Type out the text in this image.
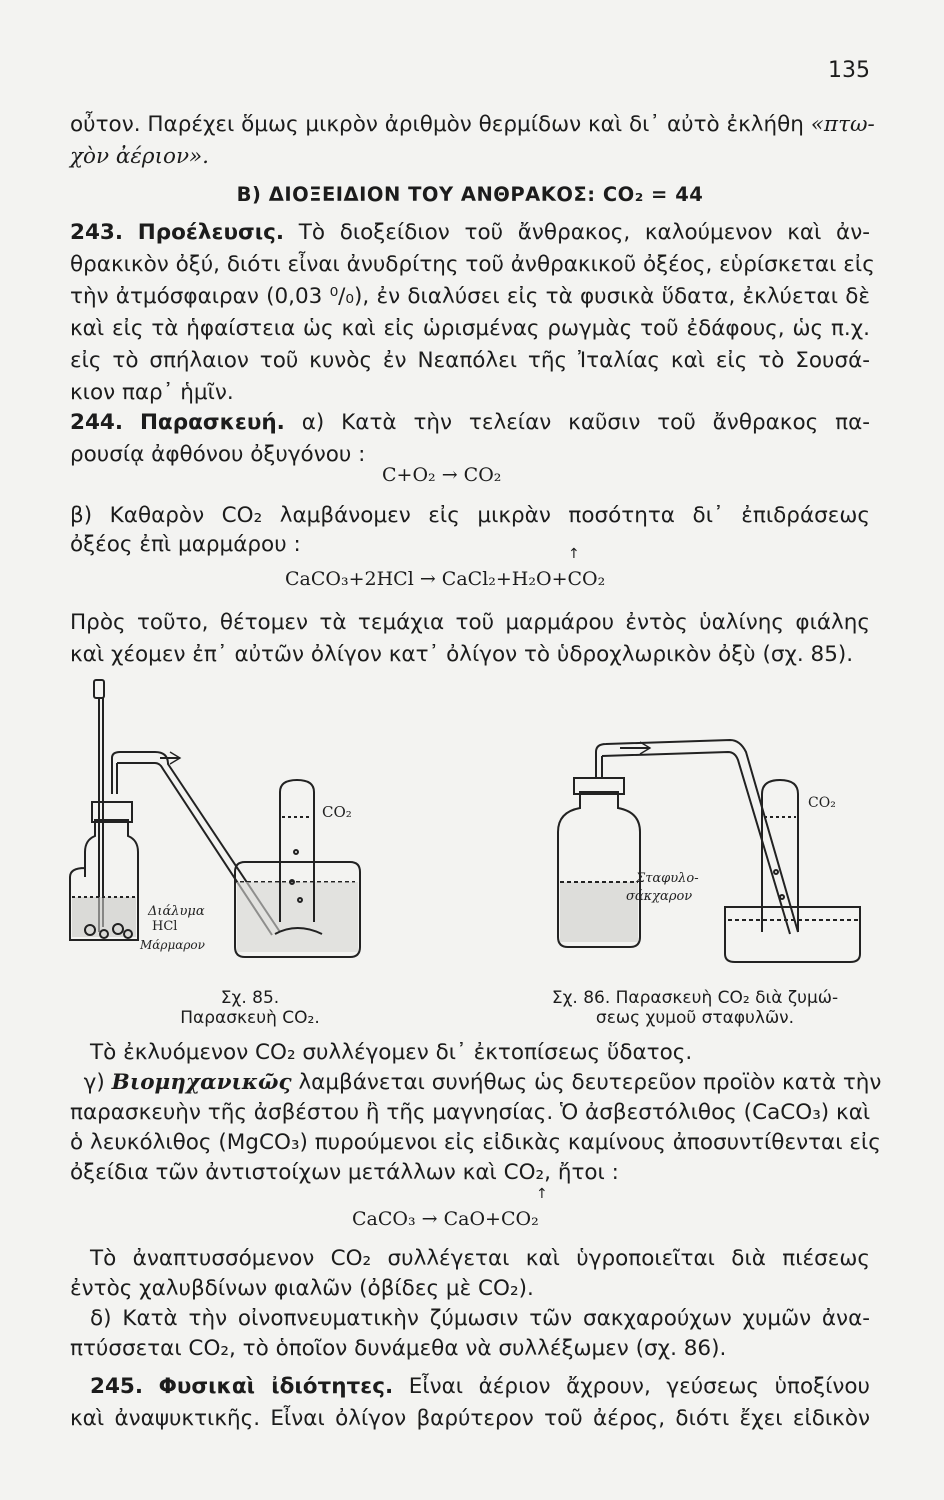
135
οὖτον. Παρέχει ὅμως μικρὸν ἀριθμὸν θερμίδων καὶ δι᾽ αὐτὸ ἐκλήθη «πτω-
χὸν ἀέριον».
Β) ΔΙΟΞΕΙΔΙΟΝ ΤΟΥ ΑΝΘΡΑΚΟΣ: CO₂ = 44
243. Προέλευσις. Τὸ διοξείδιον τοῦ ἄνθρακος, καλούμενον καὶ ἀν-
θρακικὸν ὀξύ, διότι εἶναι ἀνυδρίτης τοῦ ἀνθρακικοῦ ὀξέος, εὑρίσκεται εἰς
τὴν ἀτμόσφαιραν (0,03 ⁰/₀), ἐν διαλύσει εἰς τὰ φυσικὰ ὕδατα, ἐκλύεται δὲ
καὶ εἰς τὰ ἡφαίστεια ὡς καὶ εἰς ὡρισμένας ρωγμὰς τοῦ ἐδάφους, ὡς π.χ.
εἰς τὸ σπήλαιον τοῦ κυνὸς ἐν Νεαπόλει τῆς Ἰταλίας καὶ εἰς τὸ Σουσά-
κιον παρ᾽ ἡμῖν.
244. Παρασκευή. α) Κατὰ τὴν τελείαν καῦσιν τοῦ ἄνθρακος πα-
ρουσίᾳ ἀφθόνου ὀξυγόνου :
C+O₂ → CO₂
β) Καθαρὸν CO₂ λαμβάνομεν εἰς μικρὰν ποσότητα δι᾽ ἐπιδράσεως
ὀξέος ἐπὶ μαρμάρου :	↑
CaCO₃+2HCl → CaCl₂+H₂O+CO₂
Πρὸς τοῦτο, θέτομεν τὰ τεμάχια τοῦ μαρμάρου ἐντὸς ὑαλίνης φιάλης
καὶ χέομεν ἐπ᾽ αὐτῶν ὀλίγον κατ᾽ ὀλίγον τὸ ὑδροχλωρικὸν ὀξὺ (σχ. 85).
CO₂
Διάλυμα
HCl
Μάρμαρον
CO₂
Σταφυλο-
σάκχαρον
Σχ. 85.
Παρασκευὴ CO₂.
Σχ. 86. Παρασκευὴ CO₂ διὰ ζυμώ-
σεως χυμοῦ σταφυλῶν.
Τὸ ἐκλυόμενον CO₂ συλλέγομεν δι᾽ ἐκτοπίσεως ὕδατος.
γ) Βιομηχανικῶς λαμβάνεται συνήθως ὡς δευτερεῦον προϊὸν κατὰ τὴν
παρασκευὴν τῆς ἀσβέστου ἢ τῆς μαγνησίας. Ὁ ἀσβεστόλιθος (CaCO₃) καὶ
ὁ λευκόλιθος (MgCO₃) πυρούμενοι εἰς εἰδικὰς καμίνους ἀποσυντίθενται εἰς
ὀξείδια τῶν ἀντιστοίχων μετάλλων καὶ CO₂, ἤτοι :
↑
CaCO₃ → CaO+CO₂
Τὸ ἀναπτυσσόμενον CO₂ συλλέγεται καὶ ὑγροποιεῖται διὰ πιέσεως
ἐντὸς χαλυβδίνων φιαλῶν (ὀβίδες μὲ CO₂).
δ) Κατὰ τὴν οἰνοπνευματικὴν ζύμωσιν τῶν σακχαρούχων χυμῶν ἀνα-
πτύσσεται CO₂, τὸ ὁποῖον δυνάμεθα νὰ συλλέξωμεν (σχ. 86).
245. Φυσικαὶ ἰδιότητες. Εἶναι ἀέριον ἄχρουν, γεύσεως ὑποξίνου
καὶ ἀναψυκτικῆς. Εἶναι ὀλίγον βαρύτερον τοῦ ἀέρος, διότι ἔχει εἰδικὸν
